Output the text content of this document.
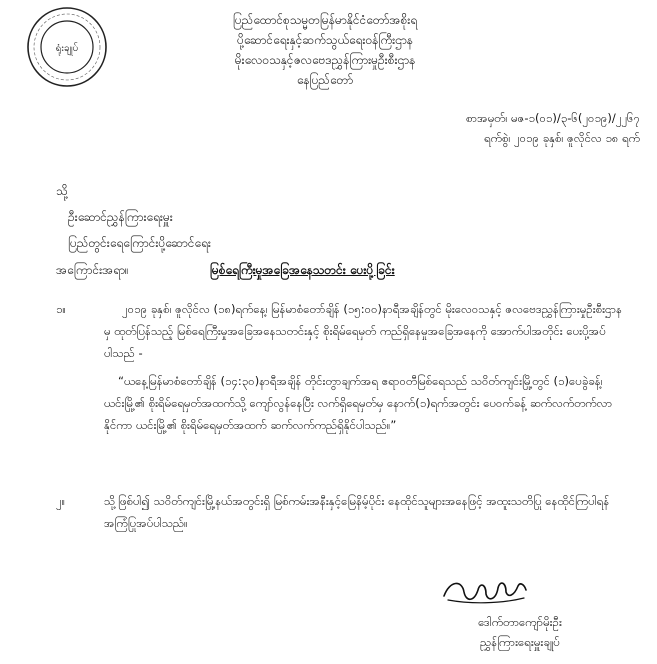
ရုံးချုပ်
ပြည်ထောင်စုသမ္မတမြန်မာနိုင်ငံတော်အစိုးရ
ပို့ဆောင်ရေးနှင့်ဆက်သွယ်ရေးဝန်ကြီးဌာန
မိုးလေဝသနှင့်ဇလဗေဒညွှန်ကြားမှုဦးစီးဌာန
နေပြည်တော်
စာအမှတ်၊ မဇ-၁(၀၁)/၃-၆(၂၀၁၉)/၂၂၆၇
ရက်စွဲ၊ ၂၀၁၉ ခုနှစ်၊ ဇူလိုင်လ ၁၈ ရက်
သို့
ဦးဆောင်ညွှန်ကြားရေးမှူး
ပြည်တွင်းရေကြောင်းပို့ဆောင်ရေး
အကြောင်းအရာ။	မြစ်ရေကြီးမှုအခြေအနေသတင်း ပေးပို့ခြင်း
၁။	၂၀၁၉ ခုနှစ်၊ ဇူလိုင်လ (၁၈)ရက်နေ့၊ မြန်မာစံတော်ချိန် (၁၅:၀၀)နာရီအချိန်တွင် မိုးလေဝသနှင့် ဇလဗေဒညွှန်ကြားမှုဦးစီးဌာနမှ ထုတ်ပြန်သည့် မြစ်ရေကြီးမှုအခြေအနေသတင်းနှင့် စိုးရိမ်ရေမှတ် ကည်ရှိနေမှုအခြေအနေကို အောက်ပါအတိုင်း ပေးပို့အပ်ပါသည် -
“ယနေ့မြန်မာစံတော်ချိန် (၁၄:၃၀)နာရီအချိန် တိုင်းတွာချက်အရ ဧရာဝတီမြစ်ရေသည် သဝိတ်ကျင်းမြို့တွင် (၁)ပေခွဲခန့်၊ ယင်းမြို့၏ စိုးရိမ်ရေမှတ်အထက်သို့ ကျော်လွန်နေပြီး လက်ရှိရေမှတ်မှ နောက်(၁)ရက်အတွင်း ပေ၀က်ခန့် ဆက်လက်တက်လာနိုင်ကာ ယင်းမြို့၏ စိုးရိမ်ရေမှတ်အထက် ဆက်လက်ကည်ရှိနိုင်ပါသည်။”
၂။	သို့ဖြစ်ပါ၍ သဝိတ်ကျင်းမြို့နယ်အတွင်းရှိ မြစ်ကမ်းအနီးနှင့်မြေနိမ့်ပိုင်း နေထိုင်သူများအနေဖြင့် အထူးသတိပြု နေထိုင်ကြပါရန် အကြံပြုအပ်ပါသည်။
ဒေါက်တာကျော်မိုးဦး
ညွှန်ကြားရေးမှူးချုပ်
